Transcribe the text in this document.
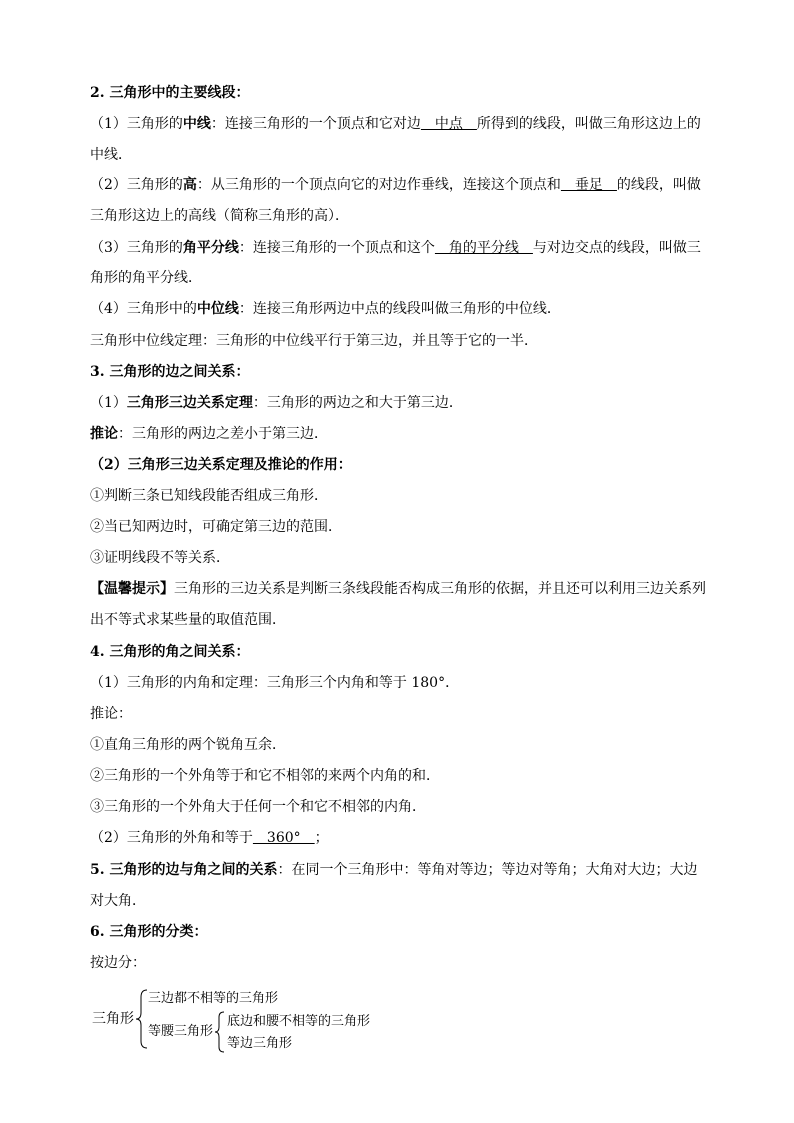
2. 三角形中的主要线段：
（1）三角形的中线：连接三角形的一个顶点和它对边　中点　所得到的线段，叫做三角形这边上的
中线．
（2）三角形的高：从三角形的一个顶点向它的对边作垂线，连接这个顶点和　垂足　的线段，叫做
三角形这边上的高线（简称三角形的高）．
（3）三角形的角平分线：连接三角形的一个顶点和这个　角的平分线　与对边交点的线段，叫做三
角形的角平分线．
（4）三角形中的中位线：连接三角形两边中点的线段叫做三角形的中位线．
三角形中位线定理：三角形的中位线平行于第三边，并且等于它的一半．
3. 三角形的边之间关系：
（1）三角形三边关系定理：三角形的两边之和大于第三边．
推论：三角形的两边之差小于第三边．
（2）三角形三边关系定理及推论的作用：
①判断三条已知线段能否组成三角形．
②当已知两边时，可确定第三边的范围．
③证明线段不等关系．
【温馨提示】三角形的三边关系是判断三条线段能否构成三角形的依据，并且还可以利用三边关系列
出不等式求某些量的取值范围．
4. 三角形的角之间关系：
（1）三角形的内角和定理：三角形三个内角和等于 180°．
推论：
①直角三角形的两个锐角互余．
②三角形的一个外角等于和它不相邻的来两个内角的和．
③三角形的一个外角大于任何一个和它不相邻的内角．
（2）三角形的外角和等于　360°　；
5. 三角形的边与角之间的关系：在同一个三角形中：等角对等边；等边对等角；大角对大边；大边
对大角．
6. 三角形的分类：
按边分：
三角形
三边都不相等的三角形
等腰三角形
底边和腰不相等的三角形
等边三角形
